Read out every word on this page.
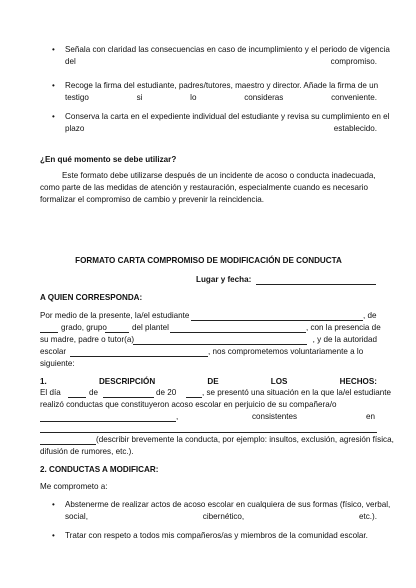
• Señala con claridad las consecuencias en caso de incumplimiento y el periodo de vigencia
del	compromiso.
• Recoge la firma del estudiante, padres/tutores, maestro y director. Añade la firma de un
testigo	si	lo	consideras	conveniente.
• Conserva la carta en el expediente individual del estudiante y revisa su cumplimiento en el
plazo	establecido.
¿En qué momento se debe utilizar?
Este formato debe utilizarse después de un incidente de acoso o conducta inadecuada,
como parte de las medidas de atención y restauración, especialmente cuando es necesario
formalizar el compromiso de cambio y prevenir la reincidencia.
FORMATO CARTA COMPROMISO DE MODIFICACIÓN DE CONDUCTA
Lugar y fecha:
A QUIEN CORRESPONDA:
Por medio de la presente, la/el estudiante	, de
grado, grupo	del plantel	, con la presencia de
su madre, padre o tutor(a)	, y de la autoridad
escolar	, nos comprometemos voluntariamente a lo
siguiente:
1.	DESCRIPCIÓN	DE	LOS	HECHOS:
El día	de	de 20	, se presentó una situación en la que la/el estudiante
realizó conductas que constituyeron acoso escolar en perjuicio de su compañera/o
,	consistentes	en
(describir brevemente la conducta, por ejemplo: insultos, exclusión, agresión física,
difusión de rumores, etc.).
2. CONDUCTAS A MODIFICAR:
Me comprometo a:
• Abstenerme de realizar actos de acoso escolar en cualquiera de sus formas (físico, verbal,
social,	cibernético,	etc.).
• Tratar con respeto a todos mis compañeros/as y miembros de la comunidad escolar.
